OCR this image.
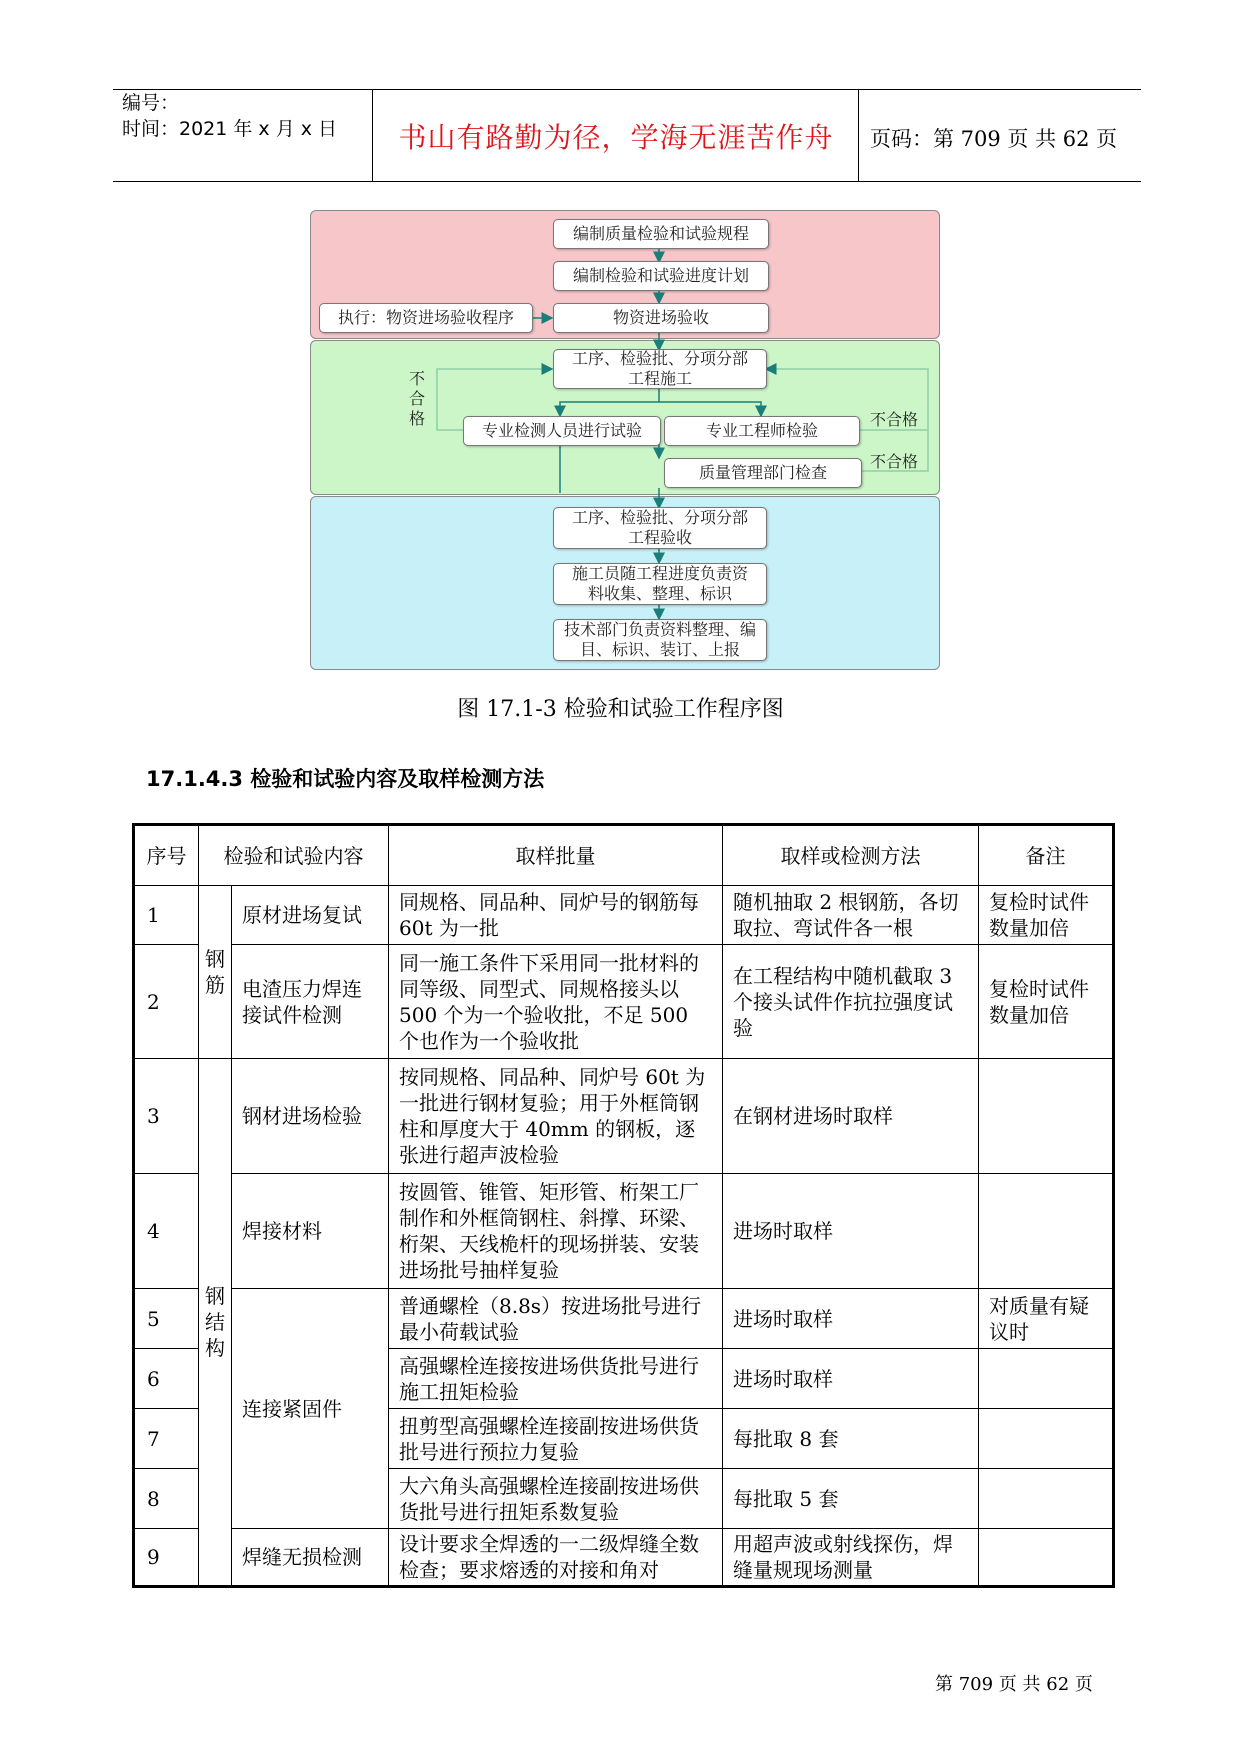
编号：
时间：2021 年 x 月 x 日	书山有路勤为径，学海无涯苦作舟	页码：第 709 页 共 62 页
编制质量检验和试验规程
编制检验和试验进度计划
执行：物资进场验收程序	物资进场验收
工序、检验批、分项分部工程施工
专业检测人员进行试验	专业工程师检验
质量管理部门检查
不合格	不合格
不合格
工序、检验批、分项分部工程验收
施工员随工程进度负责资料收集、整理、标识
技术部门负责资料整理、编目、标识、装订、上报
图 17.1-3 检验和试验工作程序图
17.1.4.3 检验和试验内容及取样检测方法
序号	检验和试验内容		取样批量	取样或检测方法	备注
1	钢筋	原材进场复试	同规格、同品种、同炉号的钢筋每 60t 为一批	随机抽取 2 根钢筋，各切取拉、弯试件各一根	复检时试件数量加倍
2		电渣压力焊连接试件检测	同一施工条件下采用同一批材料的同等级、同型式、同规格接头以 500 个为一个验收批，不足 500 个也作为一个验收批	在工程结构中随机截取 3 个接头试件作抗拉强度试验	复检时试件数量加倍
3	钢结构	钢材进场检验	按同规格、同品种、同炉号 60t 为一批进行钢材复验；用于外框筒钢柱和厚度大于 40mm 的钢板，逐张进行超声波检验	在钢材进场时取样	
4		焊接材料	按圆管、锥管、矩形管、桁架工厂制作和外框筒钢柱、斜撑、环梁、桁架、天线桅杆的现场拼装、安装进场批号抽样复验	进场时取样	
5		连接紧固件	普通螺栓（8.8s）按进场批号进行最小荷载试验	进场时取样	对质量有疑议时
6			高强螺栓连接按进场供货批号进行施工扭矩检验	进场时取样	
7			扭剪型高强螺栓连接副按进场供货批号进行预拉力复验	每批取 8 套	
8			大六角头高强螺栓连接副按进场供货批号进行扭矩系数复验	每批取 5 套	
9		焊缝无损检测	设计要求全焊透的一二级焊缝全数检查；要求熔透的对接和角对	用超声波或射线探伤，焊缝量规现场测量	
第 709 页 共 62 页
